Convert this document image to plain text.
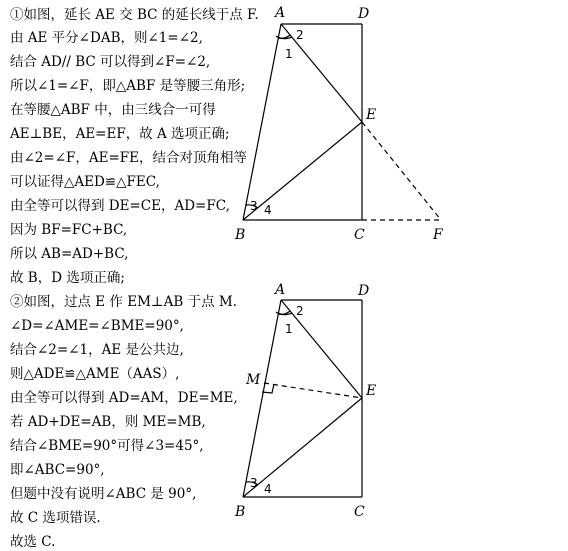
①如图，延长 AE 交 BC 的延长线于点 F.
由 AE 平分∠DAB，则∠1=∠2,
结合 AD// BC 可以得到∠F=∠2,
所以∠1=∠F，即△ABF 是等腰三角形;
在等腰△ABF 中，由三线合一可得
AE⊥BE，AE=EF，故 A 选项正确;
由∠2=∠F，AE=FE，结合对顶角相等
可以证得△AED≌△FEC,
由全等可以得到 DE=CE，AD=FC,
因为 BF=FC+BC,
所以 AB=AD+BC,
故 B，D 选项正确;
②如图，过点 E 作 EM⊥AB 于点 M.
∠D=∠AME=∠BME=90°,
结合∠2=∠1，AE 是公共边,
则△ADE≌△AME（AAS）,
由全等可以得到 AD=AM，DE=ME,
若 AD+DE=AB，则 ME=MB,
结合∠BME=90°可得∠3=45°,
即∠ABC=90°,
但题中没有说明∠ABC 是 90°,
故 C 选项错误.
故选 C.
A	D
E
B	C	F
1
2
3 4
A	D
E
M
B	C
1
2
3 4
